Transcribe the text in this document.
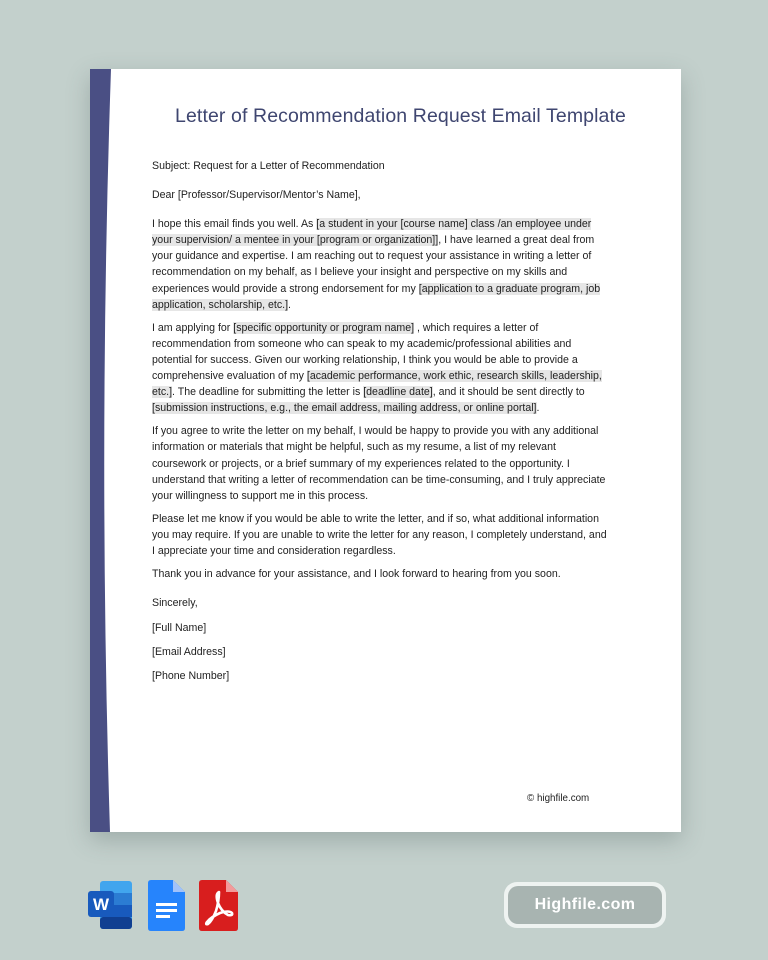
Letter of Recommendation Request Email Template
Subject: Request for a Letter of Recommendation
Dear [Professor/Supervisor/Mentor’s Name],
I hope this email finds you well. As [a student in your [course name] class /an employee under
your supervision/ a mentee in your [program or organization]], I have learned a great deal from
your guidance and expertise. I am reaching out to request your assistance in writing a letter of
recommendation on my behalf, as I believe your insight and perspective on my skills and
experiences would provide a strong endorsement for my [application to a graduate program, job
application, scholarship, etc.].
I am applying for [specific opportunity or program name] , which requires a letter of
recommendation from someone who can speak to my academic/professional abilities and
potential for success. Given our working relationship, I think you would be able to provide a
comprehensive evaluation of my [academic performance, work ethic, research skills, leadership,
etc.]. The deadline for submitting the letter is [deadline date], and it should be sent directly to
[submission instructions, e.g., the email address, mailing address, or online portal].
If you agree to write the letter on my behalf, I would be happy to provide you with any additional
information or materials that might be helpful, such as my resume, a list of my relevant
coursework or projects, or a brief summary of my experiences related to the opportunity. I
understand that writing a letter of recommendation can be time-consuming, and I truly appreciate
your willingness to support me in this process.
Please let me know if you would be able to write the letter, and if so, what additional information
you may require. If you are unable to write the letter for any reason, I completely understand, and
I appreciate your time and consideration regardless.
Thank you in advance for your assistance, and I look forward to hearing from you soon.
Sincerely,
[Full Name]
[Email Address]
[Phone Number]
© highfile.com
W	Highfile.com
